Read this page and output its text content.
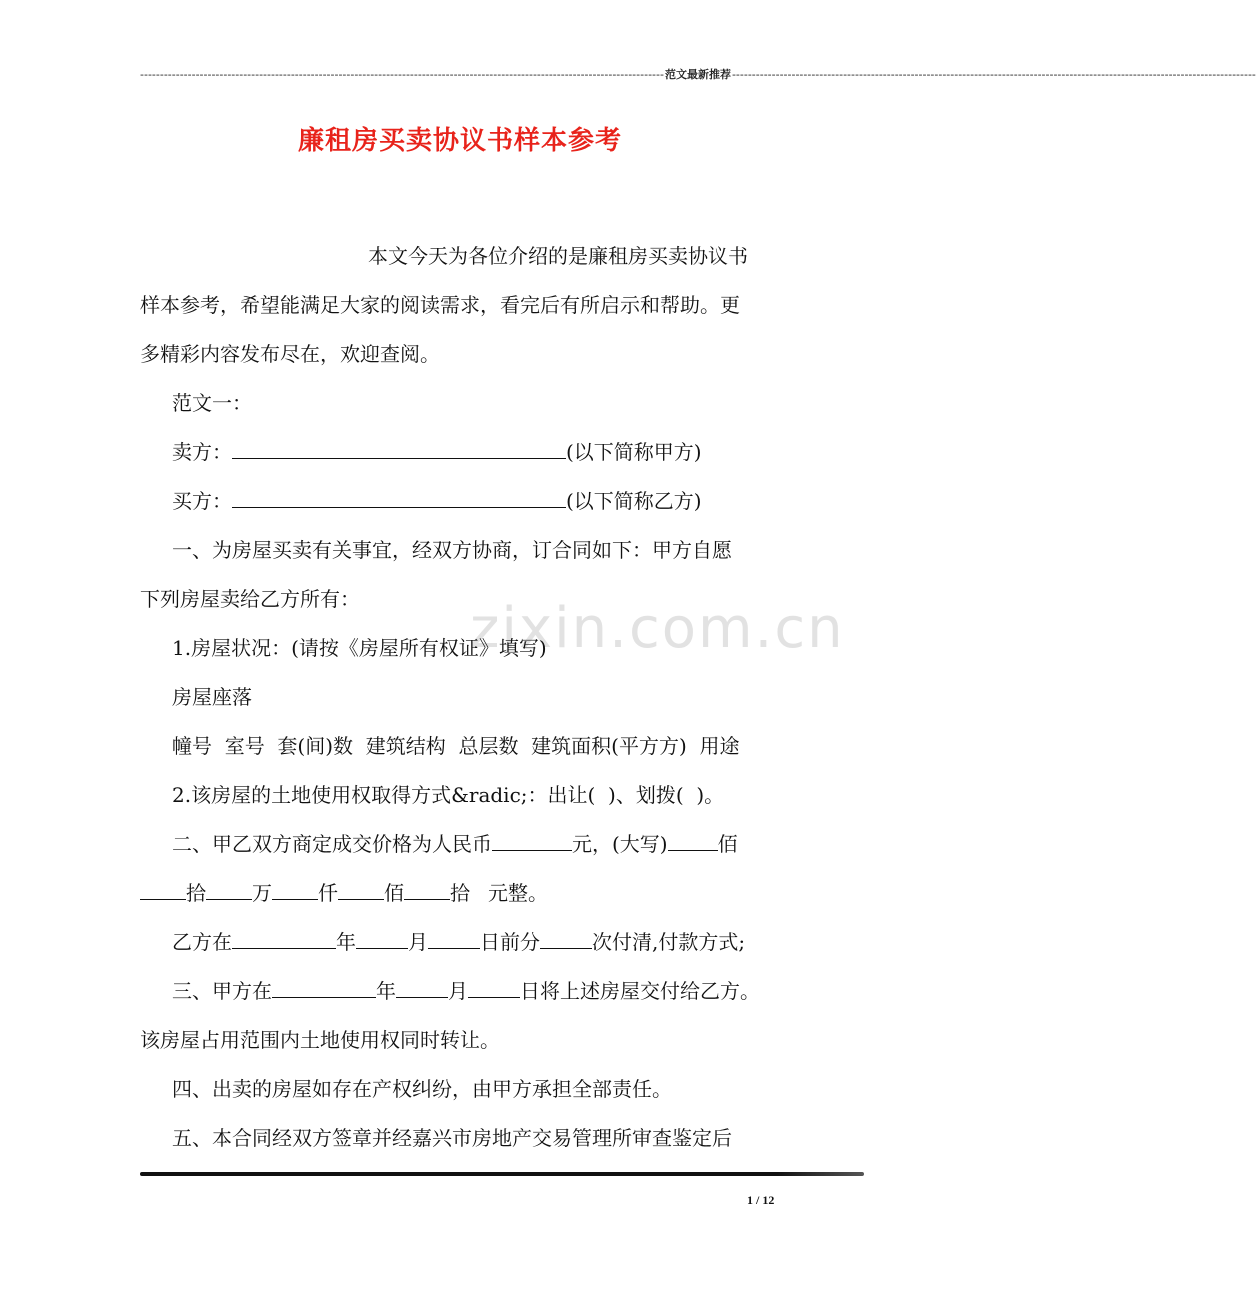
------------------------------------------------------------------------------------------------------------------------------------ 范文最新推荐 ------------------------------------------------------------------------------------------------------------------------------------
廉租房买卖协议书样本参考
zixin.com.cn
本文今天为各位介绍的是廉租房买卖协议书
样本参考，希望能满足大家的阅读需求，看完后有所启示和帮助。更
多精彩内容发布尽在，欢迎查阅。
范文一：
卖方：	(以下简称甲方)
买方：	(以下简称乙方)
一、为房屋买卖有关事宜，经双方协商，订合同如下：甲方自愿
下列房屋卖给乙方所有：
1.房屋状况：(请按《房屋所有权证》填写)
房屋座落
幢号  室号  套(间)数  建筑结构  总层数  建筑面积(平方方)  用途
2.该房屋的土地使用权取得方式&radic;：出让(  )、划拨(  )。
二、甲乙双方商定成交价格为人民币	元，(大写)	佰
拾 万 仟 佰 拾 元整。
乙方在	年	月	日前分	次付清,付款方式;
三、甲方在	年	月	日将上述房屋交付给乙方。
该房屋占用范围内土地使用权同时转让。
四、出卖的房屋如存在产权纠纷，由甲方承担全部责任。
五、本合同经双方签章并经嘉兴市房地产交易管理所审查鉴定后
1 / 12
